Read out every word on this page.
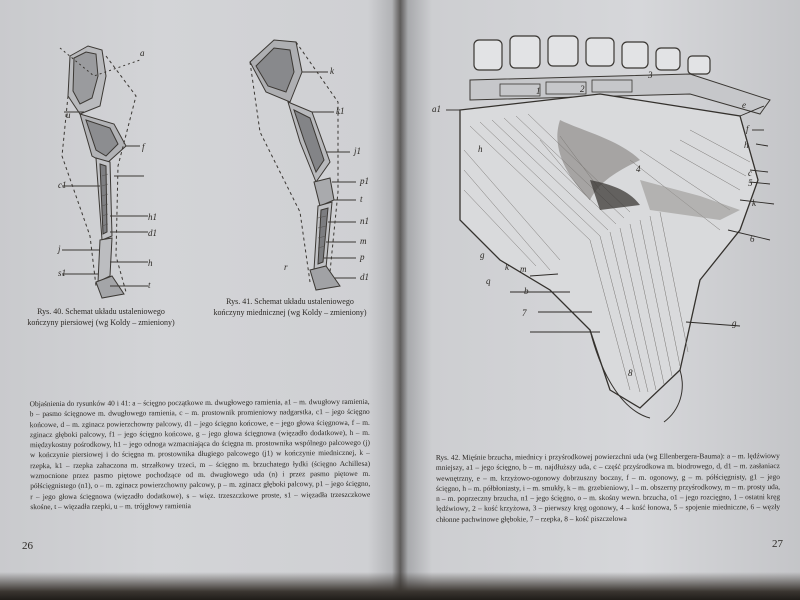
Rys. 40. Schemat układu ustaleniowego kończyny piersiowej (wg Koldy – zmieniony)

Rys. 41. Schemat układu ustaleniowego kończyny miednicznej (wg Koldy – zmieniony)

Objaśnienia do rysunków 40 i 41: a – ścięgno początkowe m. dwugłowego ramienia, a1 – m. dwugłowy ramienia, b – pasmo ścięgnowe m. dwugłowego ramienia, c – m. prostownik promieniowy nadgarstka, c1 – jego ścięgno końcowe, d – m. zginacz powierzchowny palcowy, d1 – jego ścięgno końcowe, e – jego głowa ścięgnowa, f – m. zginacz głęboki palcowy, f1 – jego ścięgno końcowe, g – jego głowa ścięgnowa (więzadło dodatkowe), h – m. międzykostny pośrodkowy, h1 – jego odnoga wzmacniająca do ścięgna m. prostownika wspólnego palcowego (j) w kończynie piersiowej i do ścięgna m. prostownika długiego palcowego (j1) w kończynie miednicznej, k – rzepka, k1 – rzepka zahaczona m. strzałkowy trzeci, m – ścięgno m. brzuchatego łydki (ścięgno Achillesa) wzmocnione przez pasmo piętowe pochodzące od m. dwugłowego uda (n) i przez pasmo piętowe m. półścięgnistego (n1), o – m. zginacz powierzchowny palcowy, p – m. zginacz głęboki palcowy, p1 – jego ścięgno, r – jego głowa ścięgnowa (więzadło dodatkowe), s – więz. trzeszczkowe proste, s1 – więzadła trzeszczkowe skośne, t – więzadła rzepki, u – m. trójgłowy ramienia

26

Rys. 42. Mięśnie brzucha, miednicy i przyśrodkowej powierzchni uda (wg Ellenbergera-Bauma): a – m. lędźwiowy mniejszy, a1 – jego ścięgno, b – m. najdłuższy uda, c – część przyśrodkowa m. biodrowego, d, d1 – m. zasłaniacz wewnętrzny, e – m. krzyżowo-ogonowy dobrzuszny boczny, f – m. ogonowy, g – m. półścięgnisty, g1 – jego ścięgno, h – m. półbłoniasty, i – m. smukły, k – m. grzebieniowy, l – m. obszerny przyśrodkowy, m – m. prosty uda, n – m. poprzeczny brzucha, n1 – jego ścięgno, o – m. skośny wewn. brzucha, o1 – jego rozcięgno, 1 – ostatni kręg lędźwiowy, 2 – kość krzyżowa, 3 – pierwszy kręg ogonowy, 4 – kość łonowa, 5 – spojenie miedniczne, 6 – węzły chłonne pachwinowe głębokie, 7 – rzepka, 8 – kość piszczelowa

27
a
u
f
c1
h1
d1
j
h
s1
t
k
k1
j1
p1
t
n1
m
p
r
d1
a1
h
g
k m
q
b
7
e
f
h
c
5
k
6
g
8
4
3
2
1
